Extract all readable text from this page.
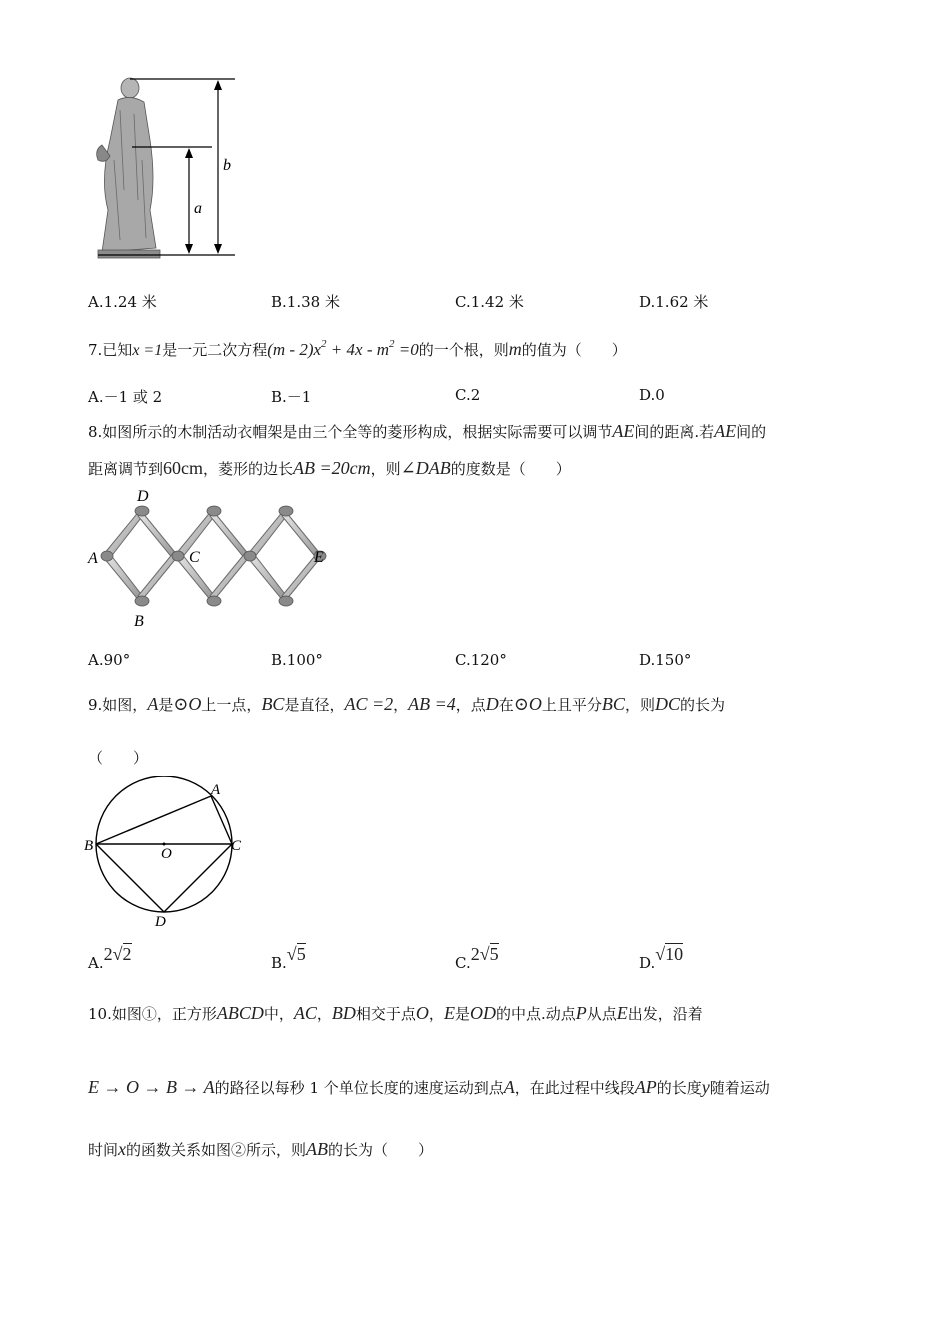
b
a
A.1.24 米	B.1.38 米	C.1.42 米	D.1.62 米
7.已知x =1是一元二次方程$(m - 2)x^2 + 4x - m^2 =0$的一个根，则m的值为（　　）
A.－1 或 2	B.－1	C.2	D.0
8.如图所示的木制活动衣帽架是由三个全等的菱形构成，根据实际需要可以调节AE间的距离.若AE间的
距离调节到60cm，菱形的边长AB =20cm，则∠DAB的度数是（　　）
A
D
C
B
E
A.90°	B.100°	C.120°	D.150°
9.如图，A是⊙O上一点，BC是直径，AC =2，AB =4，点D在⊙O上且平分BC，则DC的长为
（　　）
A
B	C
O
D
A.2√2	B.√5	C.2√5	D.√10
10.如图①，正方形ABCD中，AC，BD相交于点O，E是OD的中点.动点P从点E出发，沿着
E → O → B → A的路径以每秒 1 个单位长度的速度运动到点A，在此过程中线段AP的长度y随着运动
时间x的函数关系如图②所示，则AB的长为（　　）
